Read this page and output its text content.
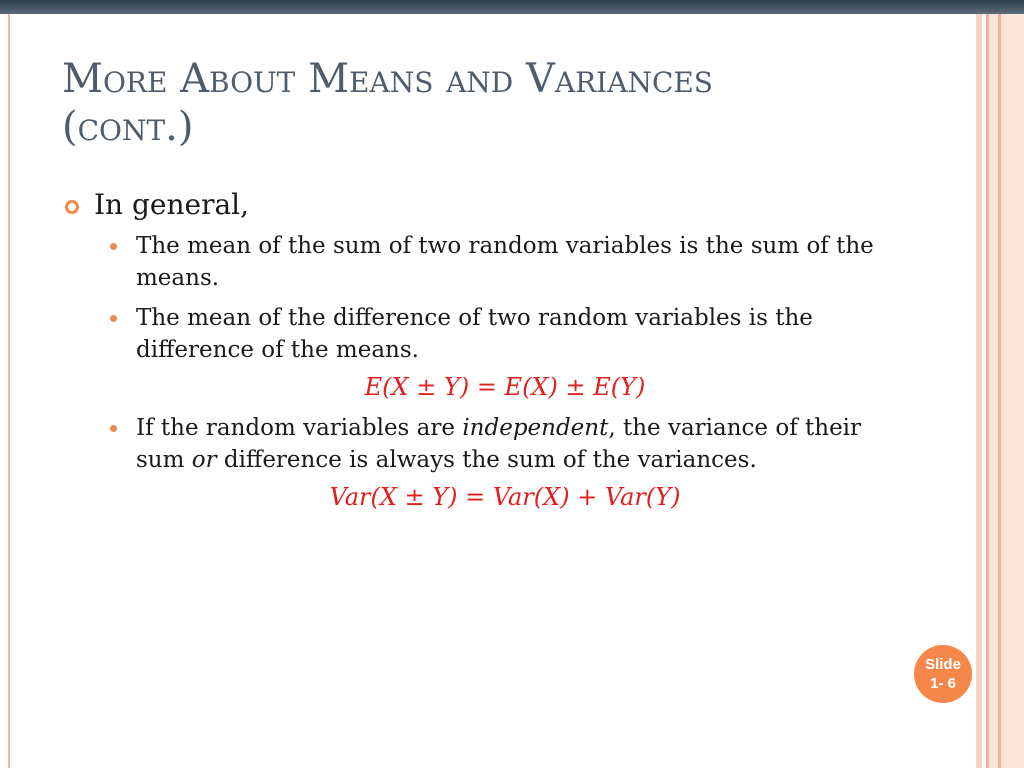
More About Means and Variances
(cont.)
In general,
The mean of the sum of two random variables is the sum of the means.
The mean of the difference of two random variables is the difference of the means.
E(X ± Y) = E(X) ± E(Y)
If the random variables are independent, the variance of their sum or difference is always the sum of the variances.
Var(X ± Y) = Var(X) + Var(Y)
Slide
1- 6
